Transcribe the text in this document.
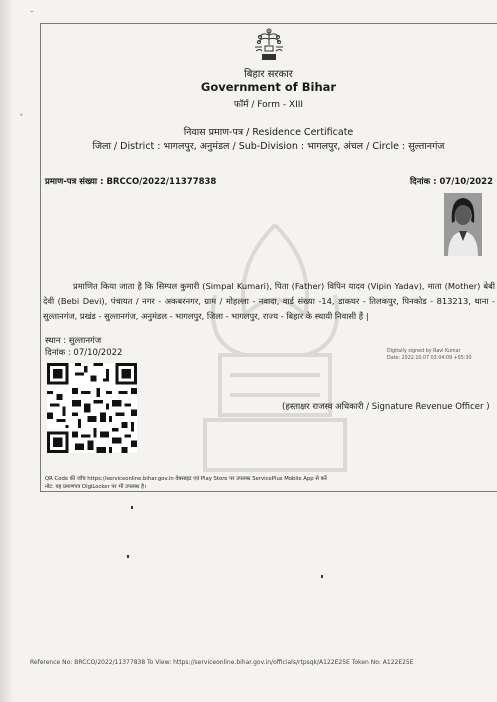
–
ᵥ
बिहार सरकार
Government of Bihar
फॉर्म / Form - XIII
निवास प्रमाण-पत्र / Residence Certificate
जिला / District : भागलपुर, अनुमंडल / Sub-Division : भागलपुर, अंचल / Circle : सुल्तानगंज
प्रमाण-पत्र संख्या : BRCCO/2022/11377838	दिनांक : 07/10/2022
प्रमाणित किया जाता है कि सिम्पल कुमारी (Simpal Kumari), पिता (Father) विपिन यादव (Vipin Yadav), माता (Mother) बेबी देवी (Bebi Devi), पंचायत / नगर - अकबरनगर, ग्राम / मोहल्ला - नवादा, वार्ड संख्या -14, डाकघर - तिलकपुर, पिनकोड - 813213, थाना - सुल्तानगंज, प्रखंड - सुल्तानगंज, अनुमंडल - भागलपुर, जिला - भागलपुर, राज्य - बिहार के स्थायी निवासी हैं |
स्थान : सुल्तानगंज
दिनांक : 07/10/2022	Digitally signed by Ravi Kumar
Date: 2022.10.07 03:04:09 +05:30
(हस्ताक्षर राजस्व अधिकारी / Signature Revenue Officer )
QR Code की जाँच https://serviceonline.bihar.gov.in वेबसाइट एवं Play Store पर उपलब्ध ServicePlus Mobile App से करें
नोट: यह प्रमाणपत्र DigiLocker पर भी उपलब्ध है।
Reference No: BRCCO/2022/11377838 To View: https://serviceonline.bihar.gov.in/officials/rtpsqk/A122E25E Token No: A122E25E
